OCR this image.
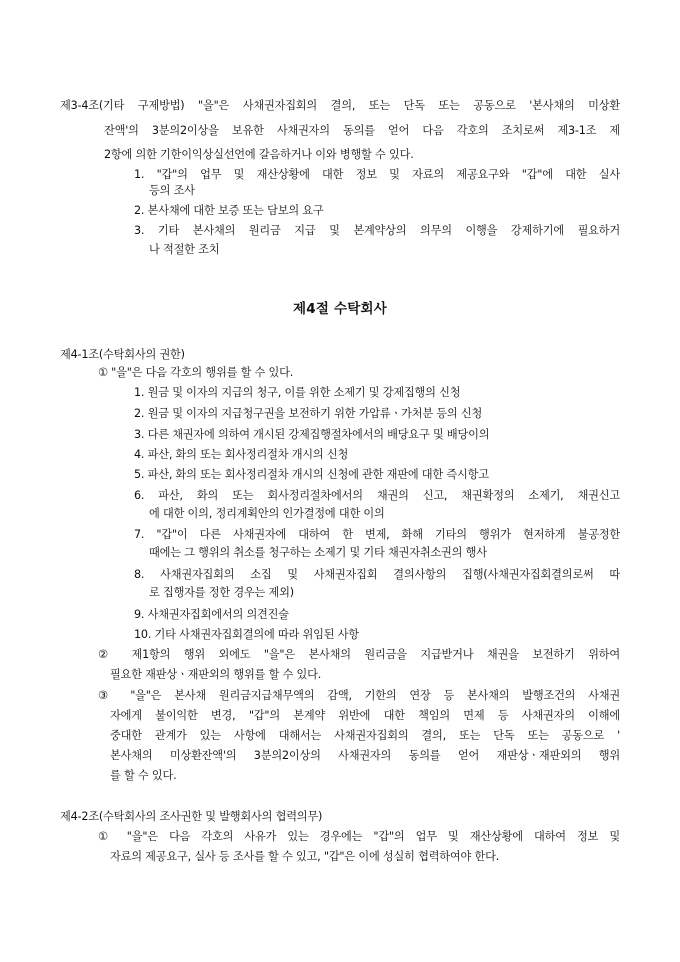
제3-4조(기타 구제방법) "을"은 사채권자집회의 결의, 또는 단독 또는 공동으로 '본사채의 미상환
잔액'의 3분의2이상을 보유한 사채권자의 동의를 얻어 다음 각호의 조치로써 제3-1조 제
2항에 의한 기한이익상실선언에 갈음하거나 이와 병행할 수 있다.
1. "갑"의 업무 및 재산상황에 대한 정보 및 자료의 제공요구와 "갑"에 대한 실사
등의 조사
2. 본사채에 대한 보증 또는 담보의 요구
3. 기타 본사채의 원리금 지급 및 본계약상의 의무의 이행을 강제하기에 필요하거
나 적절한 조치
제4절 수탁회사
제4-1조(수탁회사의 권한)
① "을"은 다음 각호의 행위를 할 수 있다.
1. 원금 및 이자의 지급의 청구, 이를 위한 소제기 및 강제집행의 신청
2. 원금 및 이자의 지급청구권을 보전하기 위한 가압류ㆍ가처분 등의 신청
3. 다른 채권자에 의하여 개시된 강제집행절차에서의 배당요구 및 배당이의
4. 파산, 화의 또는 회사정리절차 개시의 신청
5. 파산, 화의 또는 회사정리절차 개시의 신청에 관한 재판에 대한 즉시항고
6. 파산, 화의 또는 회사정리절차에서의 채권의 신고, 채권확정의 소제기, 채권신고
에 대한 이의, 정리계획안의 인가결정에 대한 이의
7. "갑"이 다른 사채권자에 대하여 한 변제, 화해 기타의 행위가 현저하게 불공정한
때에는 그 행위의 취소를 청구하는 소제기 및 기타 채권자취소권의 행사
8. 사채권자집회의 소집 및 사채권자집회 결의사항의 집행(사채권자집회결의로써 따
로 집행자를 정한 경우는 제외)
9. 사채권자집회에서의 의견진술
10. 기타 사채권자집회결의에 따라 위임된 사항
② 제1항의 행위 외에도 "을"은 본사채의 원리금을 지급받거나 채권을 보전하기 위하여
필요한 재판상ㆍ재판외의 행위를 할 수 있다.
③ "을"은 본사채 원리금지급채무액의 감액, 기한의 연장 등 본사채의 발행조건의 사채권
자에게 불이익한 변경, "갑"의 본계약 위반에 대한 책임의 면제 등 사채권자의 이해에
중대한 관계가 있는 사항에 대해서는 사채권자집회의 결의, 또는 단독 또는 공동으로 '
본사채의 미상환잔액'의 3분의2이상의 사채권자의 동의를 얻어 재판상ㆍ재판외의 행위
를 할 수 있다.
제4-2조(수탁회사의 조사권한 및 발행회사의 협력의무)
① "을"은 다음 각호의 사유가 있는 경우에는 "갑"의 업무 및 재산상황에 대하여 정보 및
자료의 제공요구, 실사 등 조사를 할 수 있고, "갑"은 이에 성실히 협력하여야 한다.
